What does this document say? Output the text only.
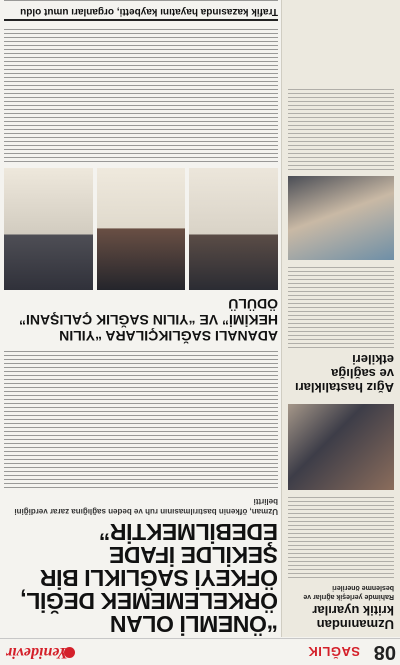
08
SAĞLIK
Yenidevir
Uzmanından kritik uyarılar
Rahimde yerleşik ağrılar ve beslenme önerileri
Ağız hastalıkları ve sağlığa etkileri
“ÖNEMLİ OLAN ÖRKELEMEMEK DEĞİL, ÖFKEYİ SAĞLIKLI BİR ŞEKİLDE İFADE EDEBİLMEKTİR”
Uzman, öfkenin bastırılmasının ruh ve beden sağlığına zarar verdiğini belirtti
ADANALI SAĞLIKÇILARA “YILIN HEKİMİ” VE “YILIN SAĞLIK ÇALIŞANI” ÖDÜLÜ
Trafik kazasında hayatını kaybetti, organları umut oldu
